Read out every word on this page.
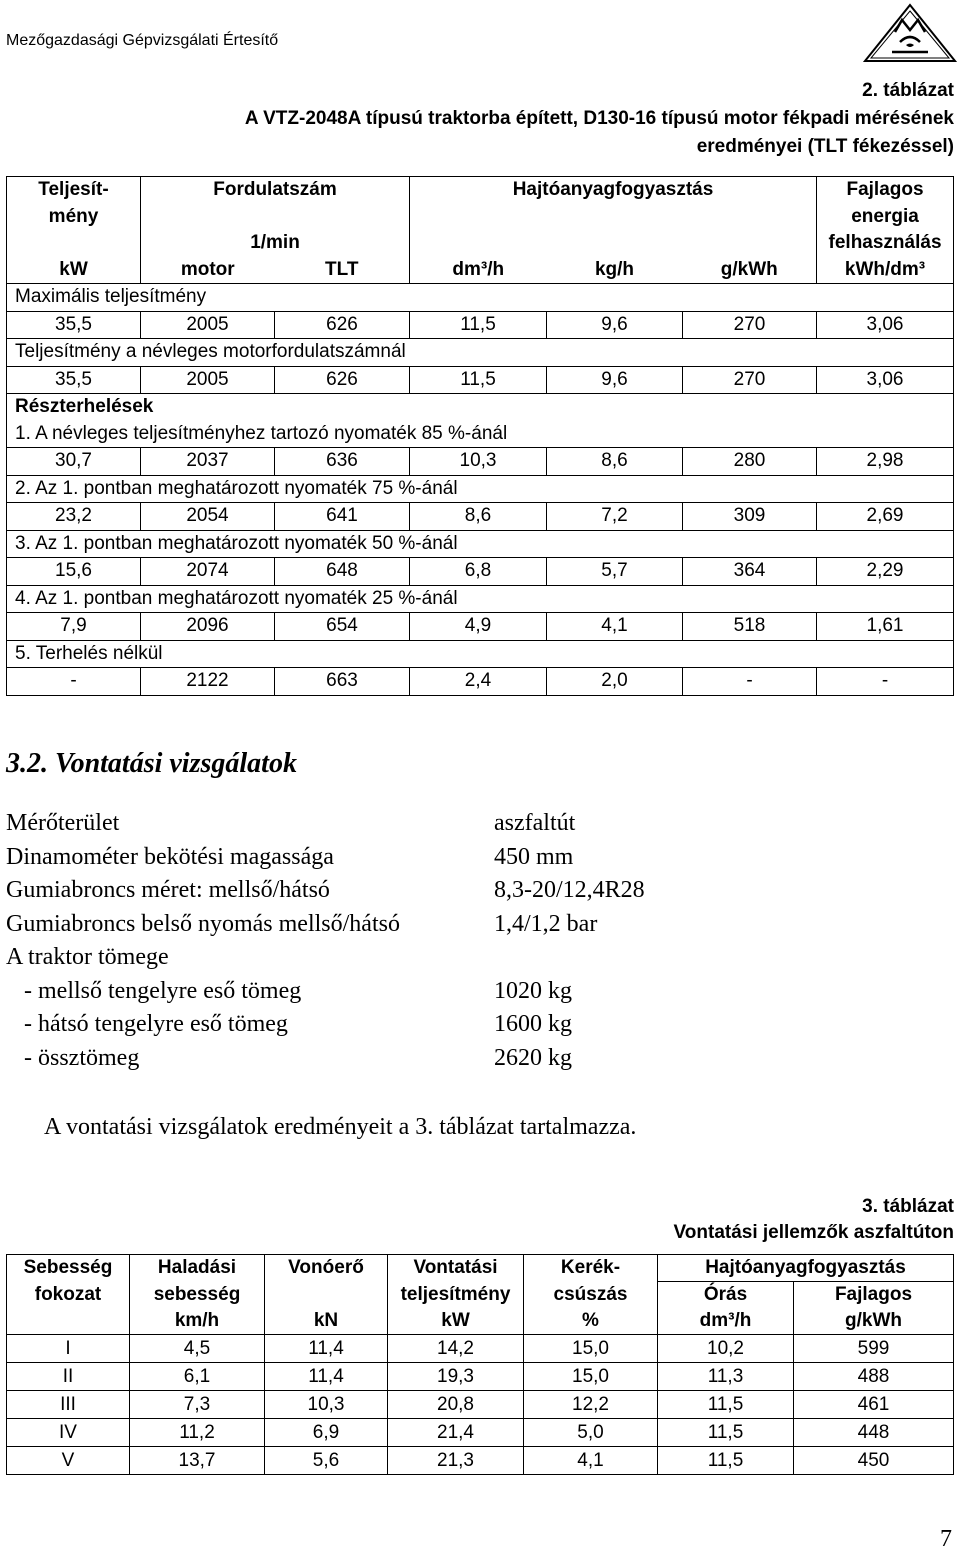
Mezőgazdasági Gépvizsgálati Értesítő
2. táblázat
A VTZ-2048A típusú traktorba épített, D130-16 típusú motor fékpadi mérésének
eredményei (TLT fékezéssel)
Teljesít-	Fordulatszám		Hajtóanyagfogyasztás			Fajlagos
mény						energia
	1/min					felhasználás
kW	motor	TLT	dm³/h	kg/h	g/kWh	kWh/dm³
Maximális teljesítmény						
35,5	2005	626	11,5	9,6	270	3,06
Teljesítmény a névleges motorfordulatszámnál						
35,5	2005	626	11,5	9,6	270	3,06
Részterhelések						
1. A névleges teljesítményhez tartozó nyomaték 85 %-ánál						
30,7	2037	636	10,3	8,6	280	2,98
2. Az 1. pontban meghatározott nyomaték 75 %-ánál						
23,2	2054	641	8,6	7,2	309	2,69
3. Az 1. pontban meghatározott nyomaték 50 %-ánál						
15,6	2074	648	6,8	5,7	364	2,29
4. Az 1. pontban meghatározott nyomaték 25 %-ánál						
7,9	2096	654	4,9	4,1	518	1,61
5. Terhelés nélkül						
-	2122	663	2,4	2,0	-	-
3.2. Vontatási vizsgálatok
Mérőterület	aszfaltút
Dinamométer bekötési magassága	450 mm
Gumiabroncs méret: mellső/hátsó	8,3-20/12,4R28
Gumiabroncs belső nyomás mellső/hátsó	1,4/1,2 bar
A traktor tömege
- mellső tengelyre eső tömeg	1020 kg
- hátsó tengelyre eső tömeg	1600 kg
- össztömeg	2620 kg
A vontatási vizsgálatok eredményeit a 3. táblázat tartalmazza.
3. táblázat
Vontatási jellemzők aszfaltúton
Sebesség	Haladási	Vonóerő	Vontatási	Kerék-	Hajtóanyagfogyasztás	
fokozat	sebesség		teljesítmény	csúszás	Órás	Fajlagos
	km/h	kN	kW	%	dm³/h	g/kWh
I	4,5	11,4	14,2	15,0	10,2	599
II	6,1	11,4	19,3	15,0	11,3	488
III	7,3	10,3	20,8	12,2	11,5	461
IV	11,2	6,9	21,4	5,0	11,5	448
V	13,7	5,6	21,3	4,1	11,5	450
7
